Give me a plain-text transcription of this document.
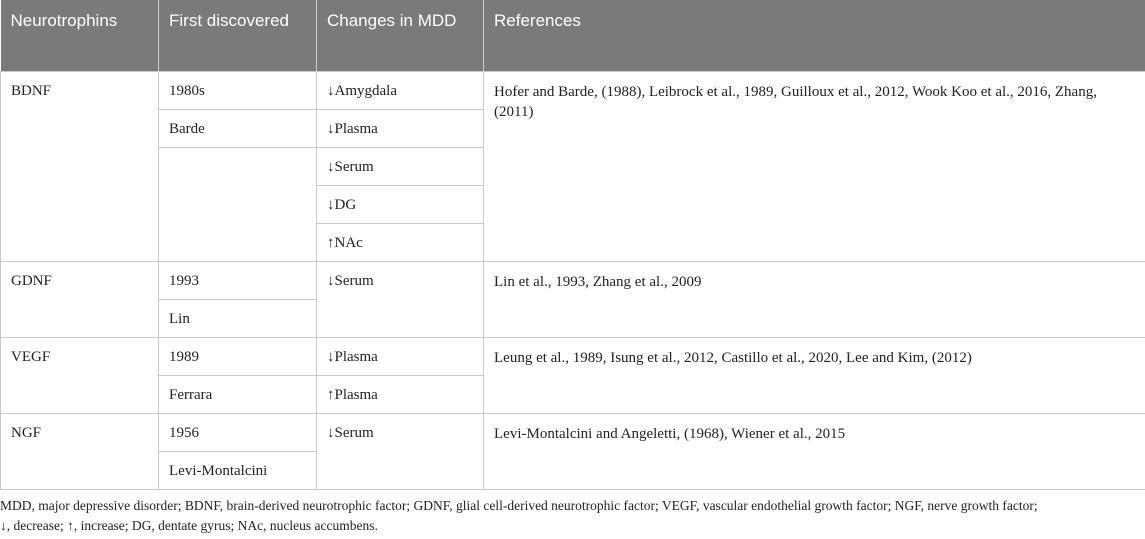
Neurotrophins	First discovered	Changes in MDD	References
BDNF	1980s	↓Amygdala	Hofer and Barde, (1988), Leibrock et al., 1989, Guilloux et al., 2012, Wook Koo et al., 2016, Zhang, (2011)
	Barde	↓Plasma	
		↓Serum	
		↓DG	
		↑NAc	
GDNF	1993	↓Serum	Lin et al., 1993, Zhang et al., 2009
	Lin		
VEGF	1989	↓Plasma	Leung et al., 1989, Isung et al., 2012, Castillo et al., 2020, Lee and Kim, (2012)
	Ferrara	↑Plasma	
NGF	1956	↓Serum	Levi-Montalcini and Angeletti, (1968), Wiener et al., 2015
	Levi-Montalcini		
MDD, major depressive disorder; BDNF, brain-derived neurotrophic factor; GDNF, glial cell-derived neurotrophic factor; VEGF, vascular endothelial growth factor; NGF, nerve growth factor;
↓, decrease; ↑, increase; DG, dentate gyrus; NAc, nucleus accumbens.
